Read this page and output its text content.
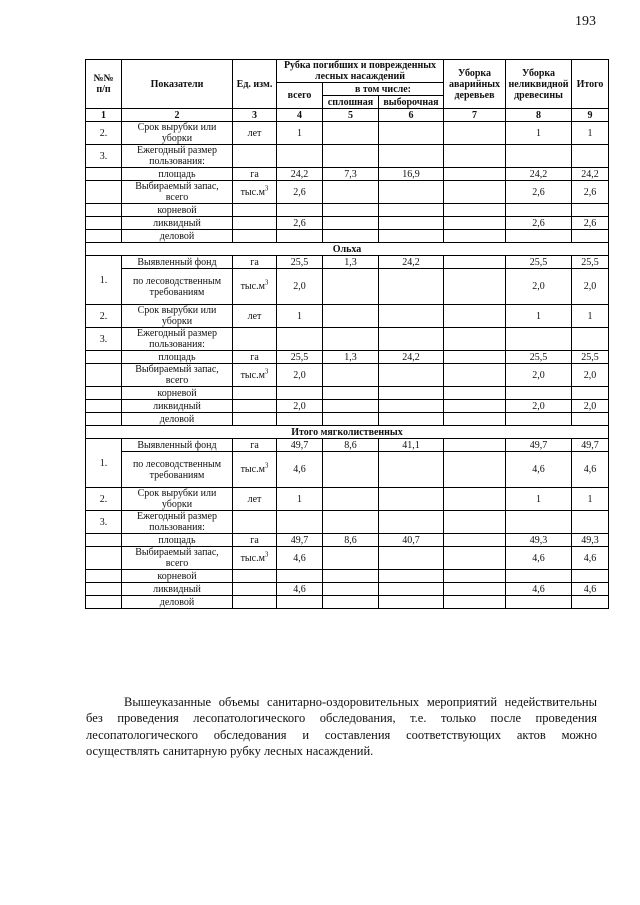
193
№№ п/п	Показатели	Ед. изм.	Рубка погибших и поврежденных лесных насаждений			Уборка аварийных деревьев	Уборка неликвидной древесины	Итого
			всего	в том числе:				
				сплошная	выборочная			
1	2	3	4	5	6	7	8	9
2.	Срок вырубки или уборки	лет	1				1	1
3.	Ежегодный размер пользования:							
	площадь	га	24,2	7,3	16,9		24,2	24,2
	Выбираемый запас, всего	$тыс.м^3$	2,6				2,6	2,6
	корневой							
	ликвидный		2,6				2,6	2,6
	деловой							
Ольха								
1.	Выявленный фонд	га	25,5	1,3	24,2		25,5	25,5
	по лесоводственным требованиям	$тыс.м^3$	2,0				2,0	2,0
2.	Срок вырубки или уборки	лет	1				1	1
3.	Ежегодный размер пользования:							
	площадь	га	25,5	1,3	24,2		25,5	25,5
	Выбираемый запас, всего	$тыс.м^3$	2,0				2,0	2,0
	корневой							
	ликвидный		2,0				2,0	2,0
	деловой							
Итого мягколиственных								
1.	Выявленный фонд	га	49,7	8,6	41,1		49,7	49,7
	по лесоводственным требованиям	$тыс.м^3$	4,6				4,6	4,6
2.	Срок вырубки или уборки	лет	1				1	1
3.	Ежегодный размер пользования:							
	площадь	га	49,7	8,6	40,7		49,3	49,3
	Выбираемый запас, всего	$тыс.м^3$	4,6				4,6	4,6
	корневой							
	ликвидный		4,6				4,6	4,6
	деловой							

Вышеуказанные объемы санитарно-оздоровительных мероприятий недействительны без проведения лесопатологического обследования, т.е. только после проведения лесопатологического обследования и составления соответствующих актов можно осуществлять санитарную рубку лесных насаждений.
